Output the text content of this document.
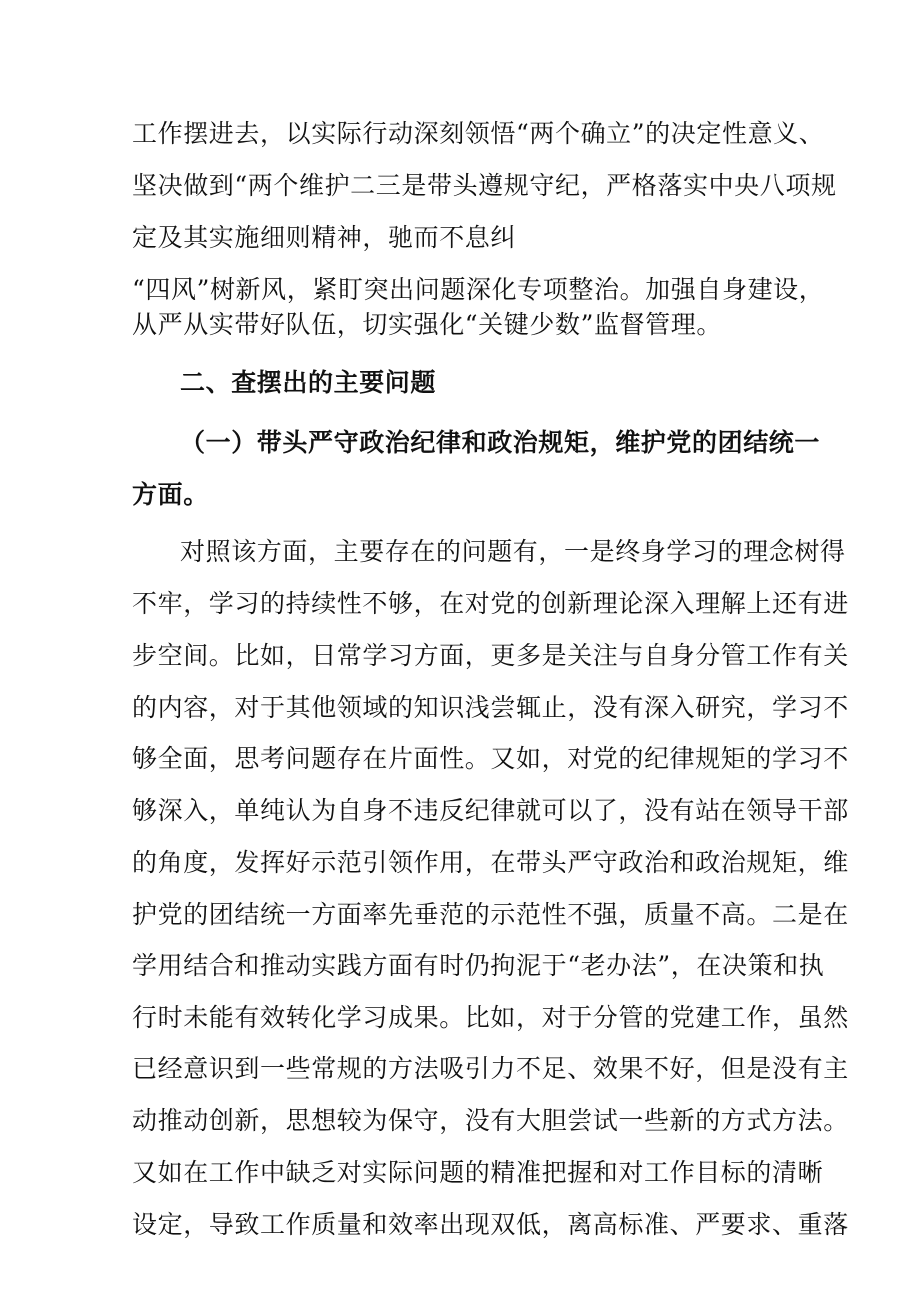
工作摆进去，以实际行动深刻领悟“两个确立”的决定性意义、
坚决做到“两个维护二三是带头遵规守纪，严格落实中央八项规
定及其实施细则精神，驰而不息纠
“四风”树新风，紧盯突出问题深化专项整治。加强自身建设，
从严从实带好队伍，切实强化“关键少数”监督管理。
二、查摆出的主要问题
（一）带头严守政治纪律和政治规矩，维护党的团结统一
方面。
对照该方面，主要存在的问题有，一是终身学习的理念树得
不牢，学习的持续性不够，在对党的创新理论深入理解上还有进
步空间。比如，日常学习方面，更多是关注与自身分管工作有关
的内容，对于其他领域的知识浅尝辄止，没有深入研究，学习不
够全面，思考问题存在片面性。又如，对党的纪律规矩的学习不
够深入，单纯认为自身不违反纪律就可以了，没有站在领导干部
的角度，发挥好示范引领作用，在带头严守政治和政治规矩，维
护党的团结统一方面率先垂范的示范性不强，质量不高。二是在
学用结合和推动实践方面有时仍拘泥于“老办法”，在决策和执
行时未能有效转化学习成果。比如，对于分管的党建工作，虽然
已经意识到一些常规的方法吸引力不足、效果不好，但是没有主
动推动创新，思想较为保守，没有大胆尝试一些新的方式方法。
又如在工作中缺乏对实际问题的精准把握和对工作目标的清晰
设定，导致工作质量和效率出现双低，离高标准、严要求、重落
